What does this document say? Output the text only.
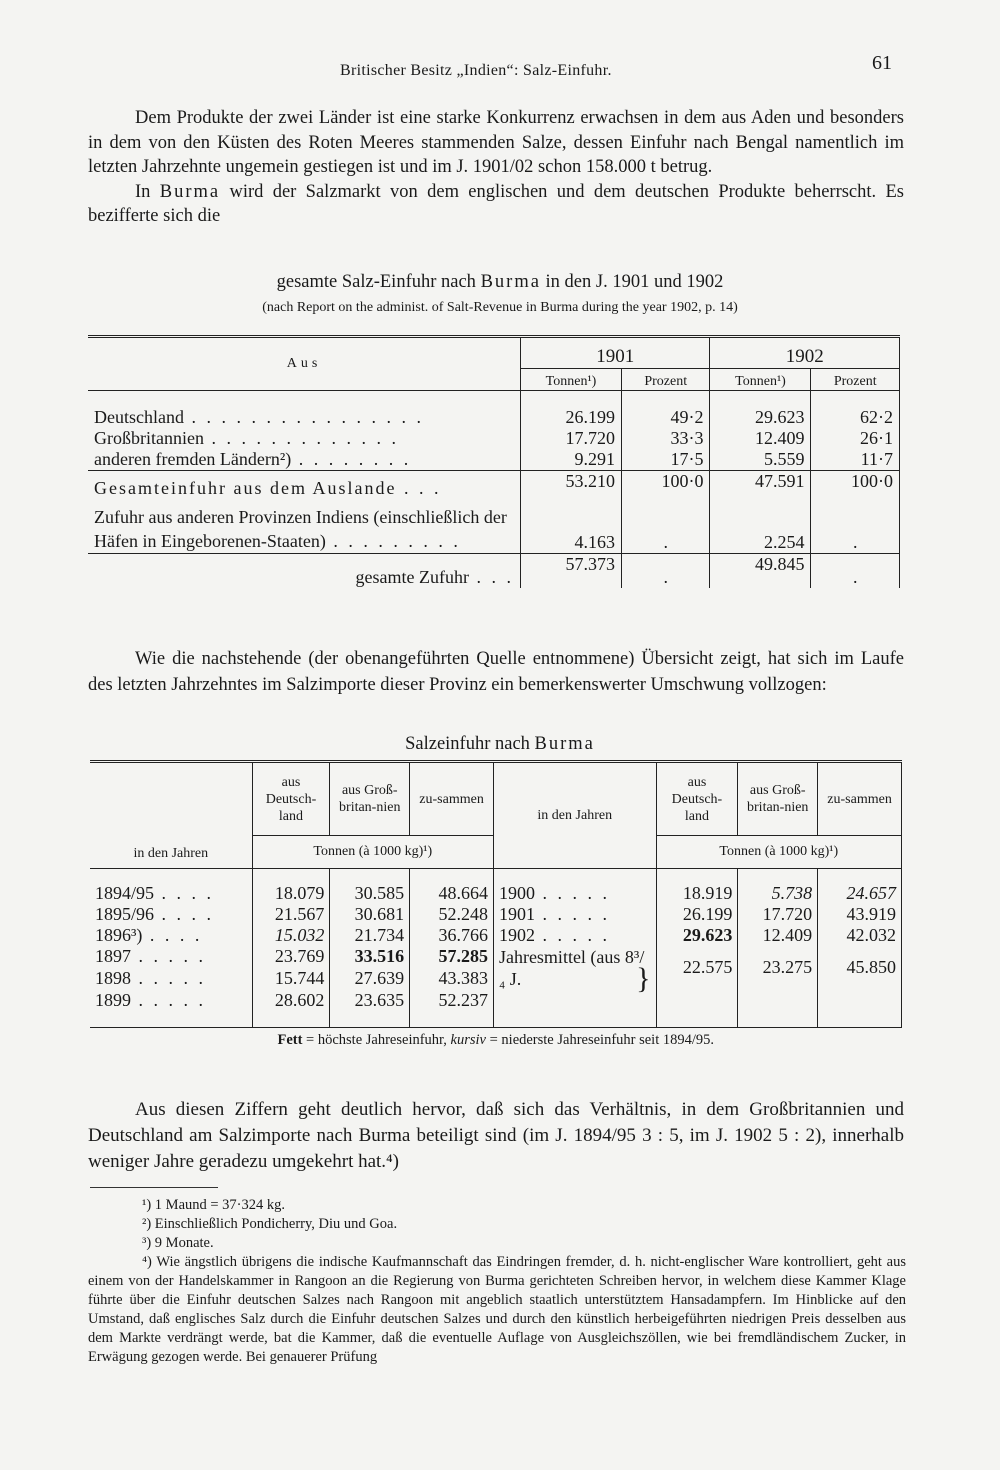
Britischer Besitz „Indien“: Salz-Einfuhr.	61

Dem Produkte der zwei Länder ist eine starke Konkurrenz erwachsen in dem aus Aden und besonders in dem von den Küsten des Roten Meeres stammenden Salze, dessen Einfuhr nach Bengal namentlich im letzten Jahrzehnte ungemein gestiegen ist und im J. 1901/02 schon 158.000 t betrug.

In Burma wird der Salzmarkt von dem englischen und dem deutschen Produkte beherrscht. Es bezifferte sich die

gesamte Salz-Einfuhr nach Burma in den J. 1901 und 1902
(nach Report on the administ. of Salt-Revenue in Burma during the year 1902, p. 14)
Aus	1901		1902	
	Tonnen¹)	Prozent	Tonnen¹)	Prozent

Deutschland . . . . . . . . . . . . . . . .	26.199	49·2	29.623	62·2
Großbritannien . . . . . . . . . . . . .	17.720	33·3	12.409	26·1
anderen fremden Ländern²) . . . . . . . .	9.291	17·5	5.559	11·7
Gesamteinfuhr aus dem Auslande . . .	53.210	100·0	47.591	100·0
Zufuhr aus anderen Provinzen Indiens (einschließlich der Häfen in Eingeborenen-Staaten) . . . . . . . . .	4.163	.	2.254	.
gesamte Zufuhr . . .	57.373	.	49.845	.

Wie die nachstehende (der obenangeführten Quelle entnommene) Übersicht zeigt, hat sich im Laufe des letzten Jahrzehntes im Salzimporte dieser Provinz ein bemerkenswerter Umschwung vollzogen:

Salzeinfuhr nach Burma
in den Jahren	aus Deutsch-land	aus Groß-britan-nien	zu-sammen	in den Jahren	aus Deutsch-land	aus Groß-britan-nien	zu-sammen
	Tonnen (à 1000 kg)¹)				Tonnen (à 1000 kg)¹)		

1894/95 . . . .	18.079	30.585	48.664	1900 . . . . .	18.919	5.738	24.657
1895/96 . . . .	21.567	30.681	52.248	1901 . . . . .	26.199	17.720	43.919
1896³) . . . .	15.032	21.734	36.766	1902 . . . . .	29.623	12.409	42.032
1897 . . . . .	23.769	33.516	57.285	Jahresmittel (aus 8³/₄ J. }	22.575	23.275	45.850
1898 . . . . .	15.744	27.639	43.383				
1899 . . . . .	28.602	23.635	52.237				
Fett = höchste Jahreseinfuhr, kursiv = niederste Jahreseinfuhr seit 1894/95.							

Aus diesen Ziffern geht deutlich hervor, daß sich das Verhältnis, in dem Großbritannien und Deutschland am Salzimporte nach Burma beteiligt sind (im J. 1894/95 3 : 5, im J. 1902 5 : 2), innerhalb weniger Jahre geradezu umgekehrt hat.⁴)

¹) 1 Maund = 37·324 kg.
²) Einschließlich Pondicherry, Diu und Goa.
³) 9 Monate.
⁴) Wie ängstlich übrigens die indische Kaufmannschaft das Eindringen fremder, d. h. nicht-englischer Ware kontrolliert, geht aus einem von der Handelskammer in Rangoon an die Regierung von Burma gerichteten Schreiben hervor, in welchem diese Kammer Klage führte über die Einfuhr deutschen Salzes nach Rangoon mit angeblich staatlich unterstütztem Hansadampfern. Im Hinblicke auf den Umstand, daß englisches Salz durch die Einfuhr deutschen Salzes und durch den künstlich herbeigeführten niedrigen Preis desselben aus dem Markte verdrängt werde, bat die Kammer, daß die eventuelle Auflage von Ausgleichszöllen, wie bei fremdländischem Zucker, in Erwägung gezogen werde. Bei genauerer Prüfung
